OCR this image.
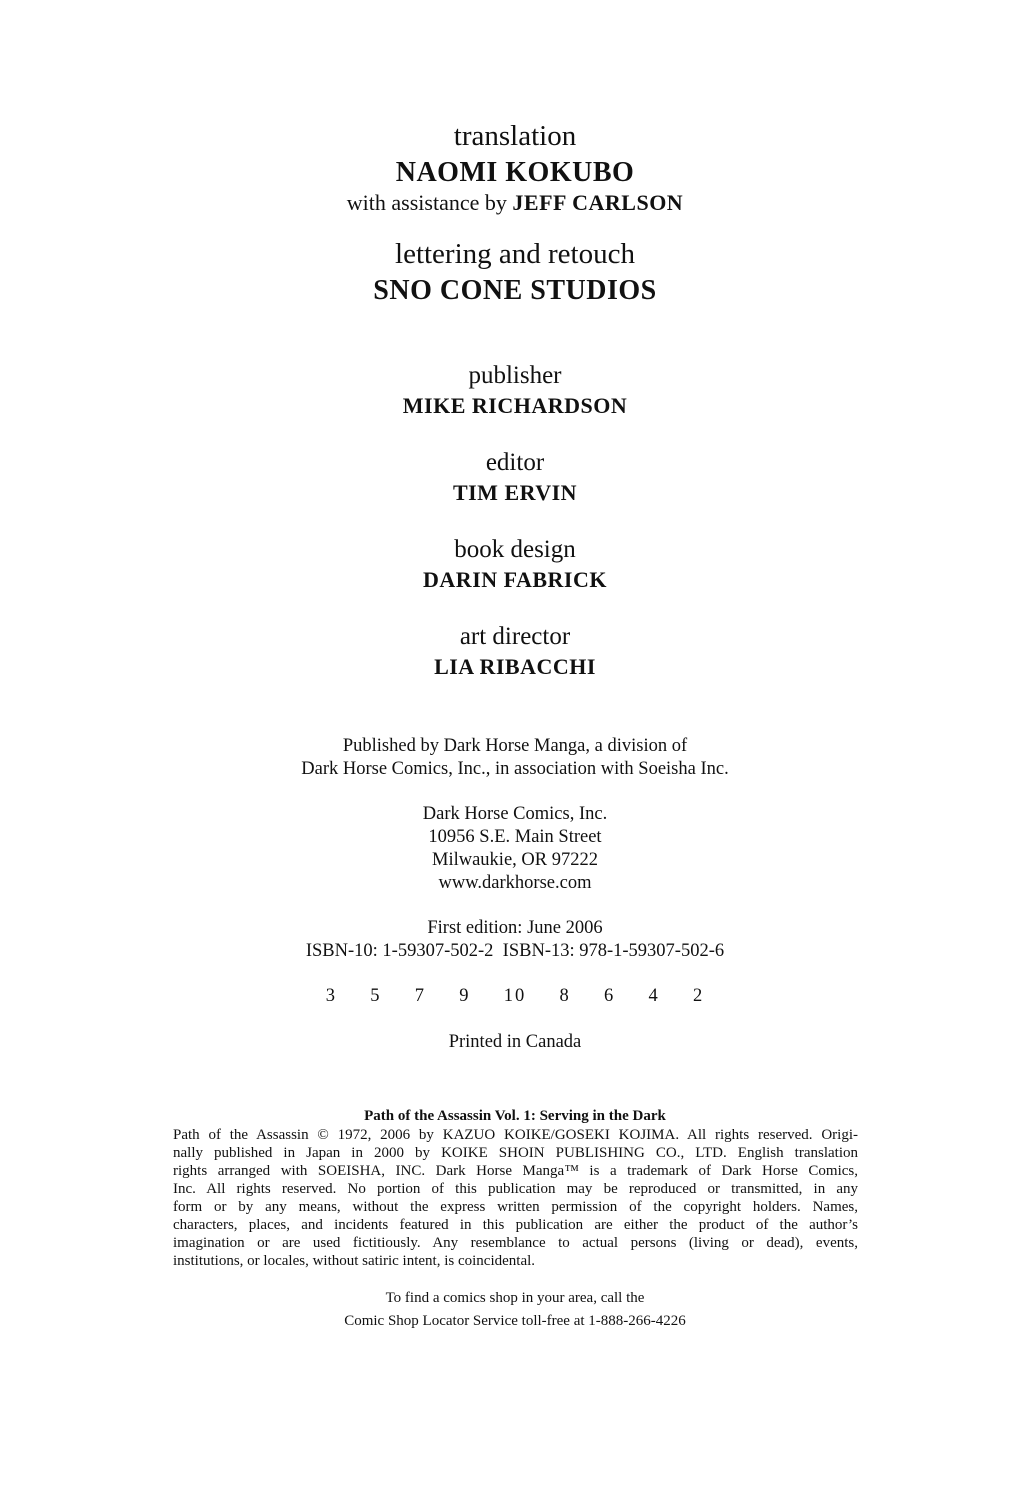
translation
NAOMI KOKUBO
with assistance by JEFF CARLSON
lettering and retouch
SNO CONE STUDIOS
publisher
MIKE RICHARDSON
editor
TIM ERVIN
book design
DARIN FABRICK
art director
LIA RIBACCHI
Published by Dark Horse Manga, a division of
Dark Horse Comics, Inc., in association with Soeisha Inc.
Dark Horse Comics, Inc.
10956 S.E. Main Street
Milwaukie, OR 97222
www.darkhorse.com
First edition: June 2006
ISBN-10: 1-59307-502-2  ISBN-13: 978-1-59307-502-6
3  5  7  9  10  8  6  4  2
Printed in Canada
Path of the Assassin Vol. 1: Serving in the Dark
Path of the Assassin © 1972, 2006 by KAZUO KOIKE/GOSEKI KOJIMA. All rights reserved. Origi-
nally published in Japan in 2000 by KOIKE SHOIN PUBLISHING CO., LTD. English translation
rights arranged with SOEISHA, INC. Dark Horse Manga™ is a trademark of Dark Horse Comics,
Inc. All rights reserved. No portion of this publication may be reproduced or transmitted, in any
form or by any means, without the express written permission of the copyright holders. Names,
characters, places, and incidents featured in this publication are either the product of the author’s
imagination or are used fictitiously. Any resemblance to actual persons (living or dead), events,
institutions, or locales, without satiric intent, is coincidental.
To find a comics shop in your area, call the
Comic Shop Locator Service toll-free at 1-888-266-4226
